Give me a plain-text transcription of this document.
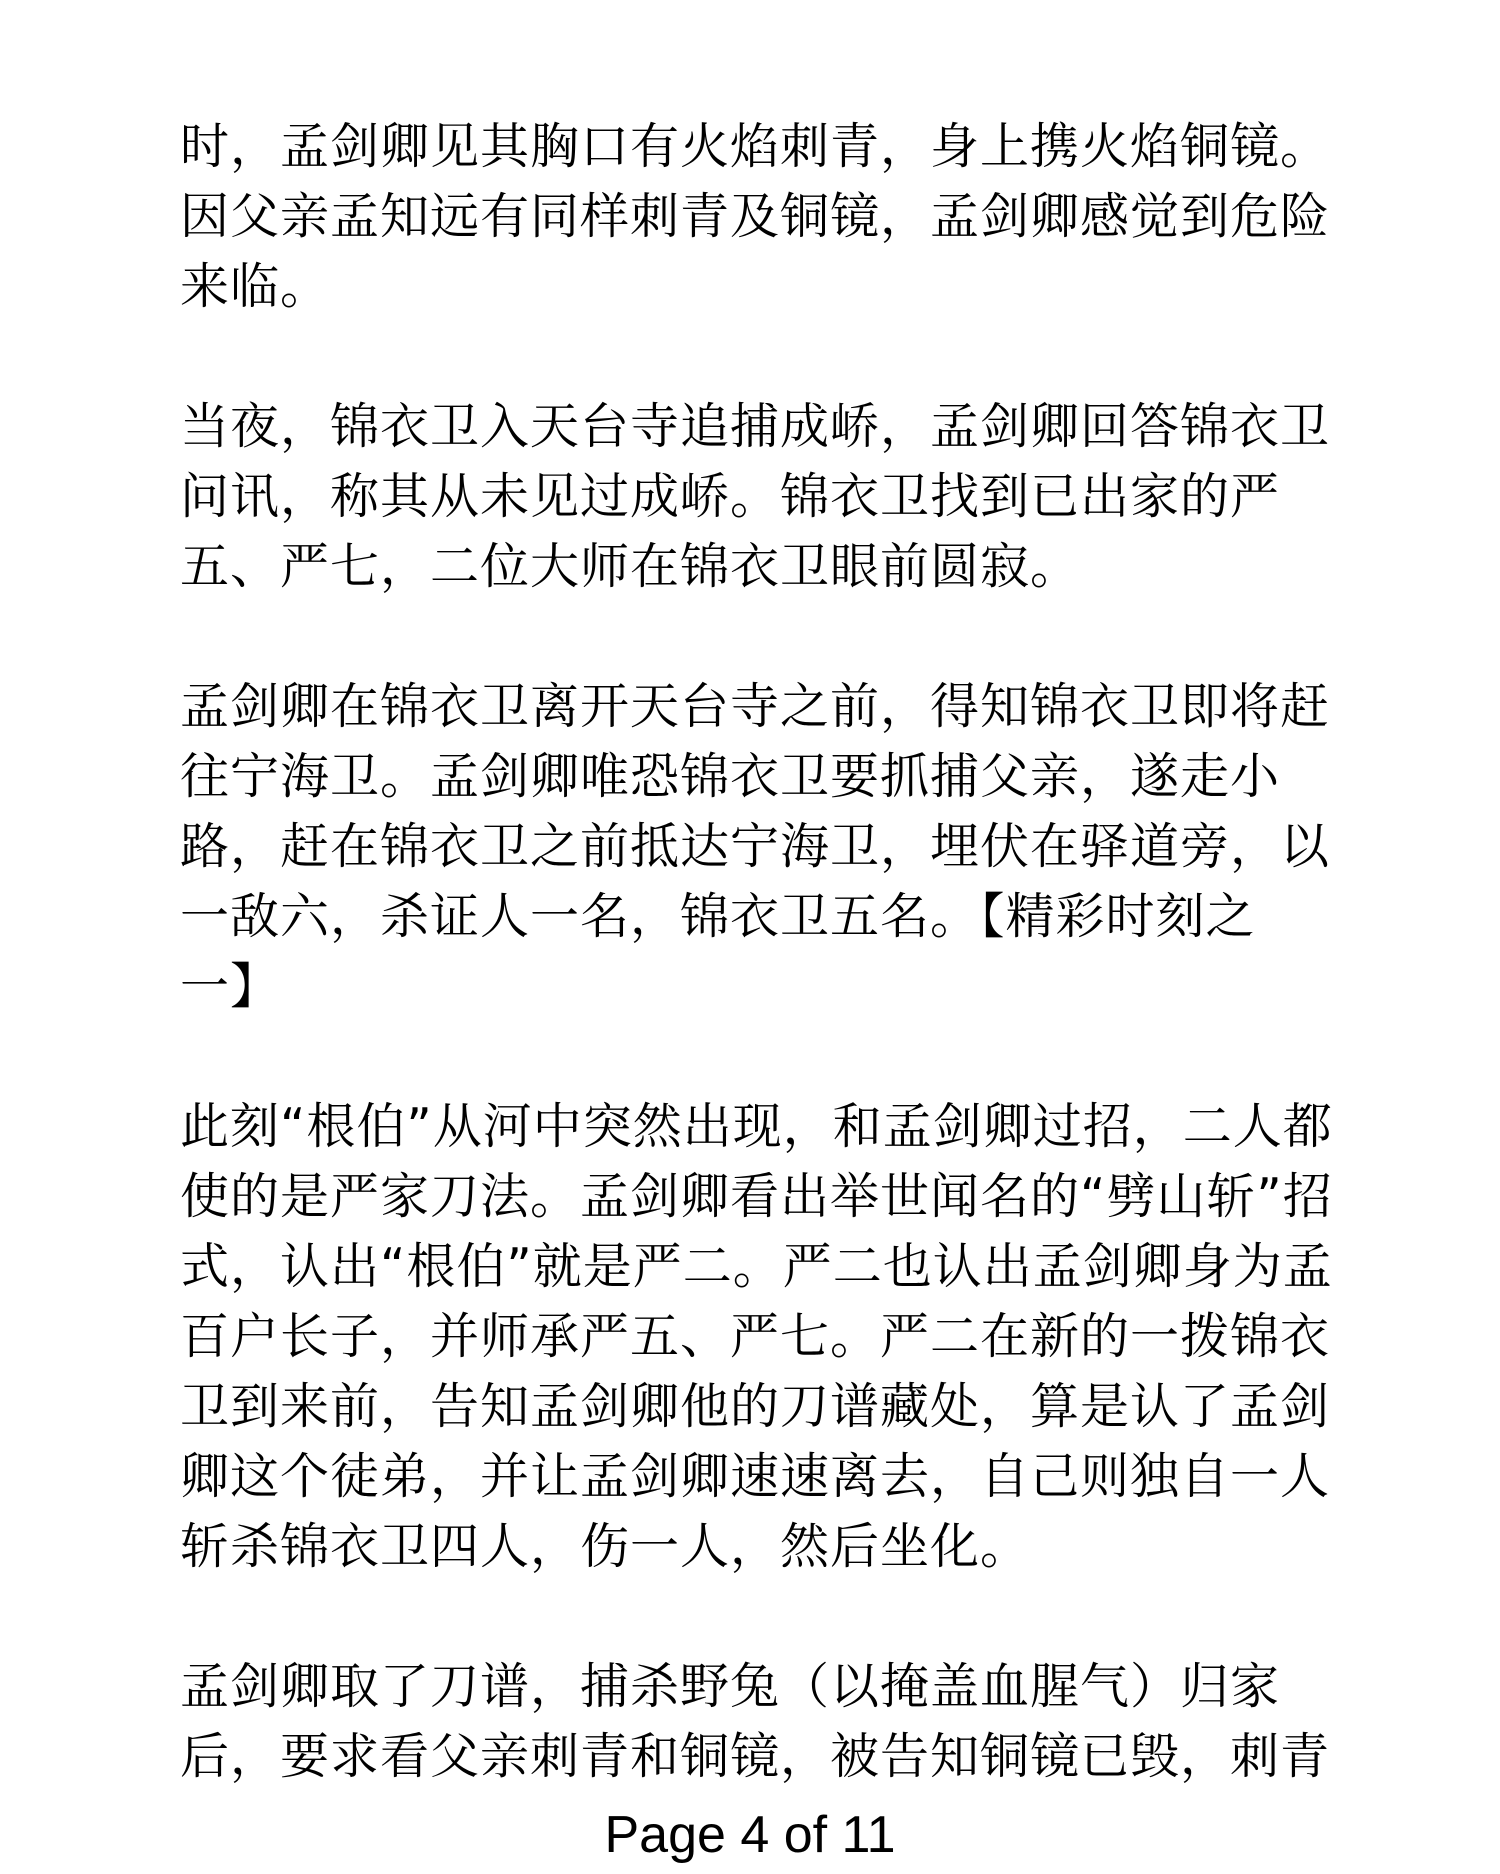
时，孟剑卿见其胸口有火焰刺青，身上携火焰铜镜。
因父亲孟知远有同样刺青及铜镜，孟剑卿感觉到危险
来临。
当夜，锦衣卫入天台寺追捕成峤，孟剑卿回答锦衣卫
问讯，称其从未见过成峤。锦衣卫找到已出家的严
五、严七，二位大师在锦衣卫眼前圆寂。
孟剑卿在锦衣卫离开天台寺之前，得知锦衣卫即将赶
往宁海卫。孟剑卿唯恐锦衣卫要抓捕父亲，遂走小
路，赶在锦衣卫之前抵达宁海卫，埋伏在驿道旁，以
一敌六，杀证人一名，锦衣卫五名。【精彩时刻之
一】
此刻“根伯”从河中突然出现，和孟剑卿过招，二人都
使的是严家刀法。孟剑卿看出举世闻名的“劈山斩”招
式，认出“根伯”就是严二。严二也认出孟剑卿身为孟
百户长子，并师承严五、严七。严二在新的一拨锦衣
卫到来前，告知孟剑卿他的刀谱藏处，算是认了孟剑
卿这个徒弟，并让孟剑卿速速离去，自己则独自一人
斩杀锦衣卫四人，伤一人，然后坐化。
孟剑卿取了刀谱，捕杀野兔（以掩盖血腥气）归家
后，要求看父亲刺青和铜镜，被告知铜镜已毁，刺青
Page 4 of 11
